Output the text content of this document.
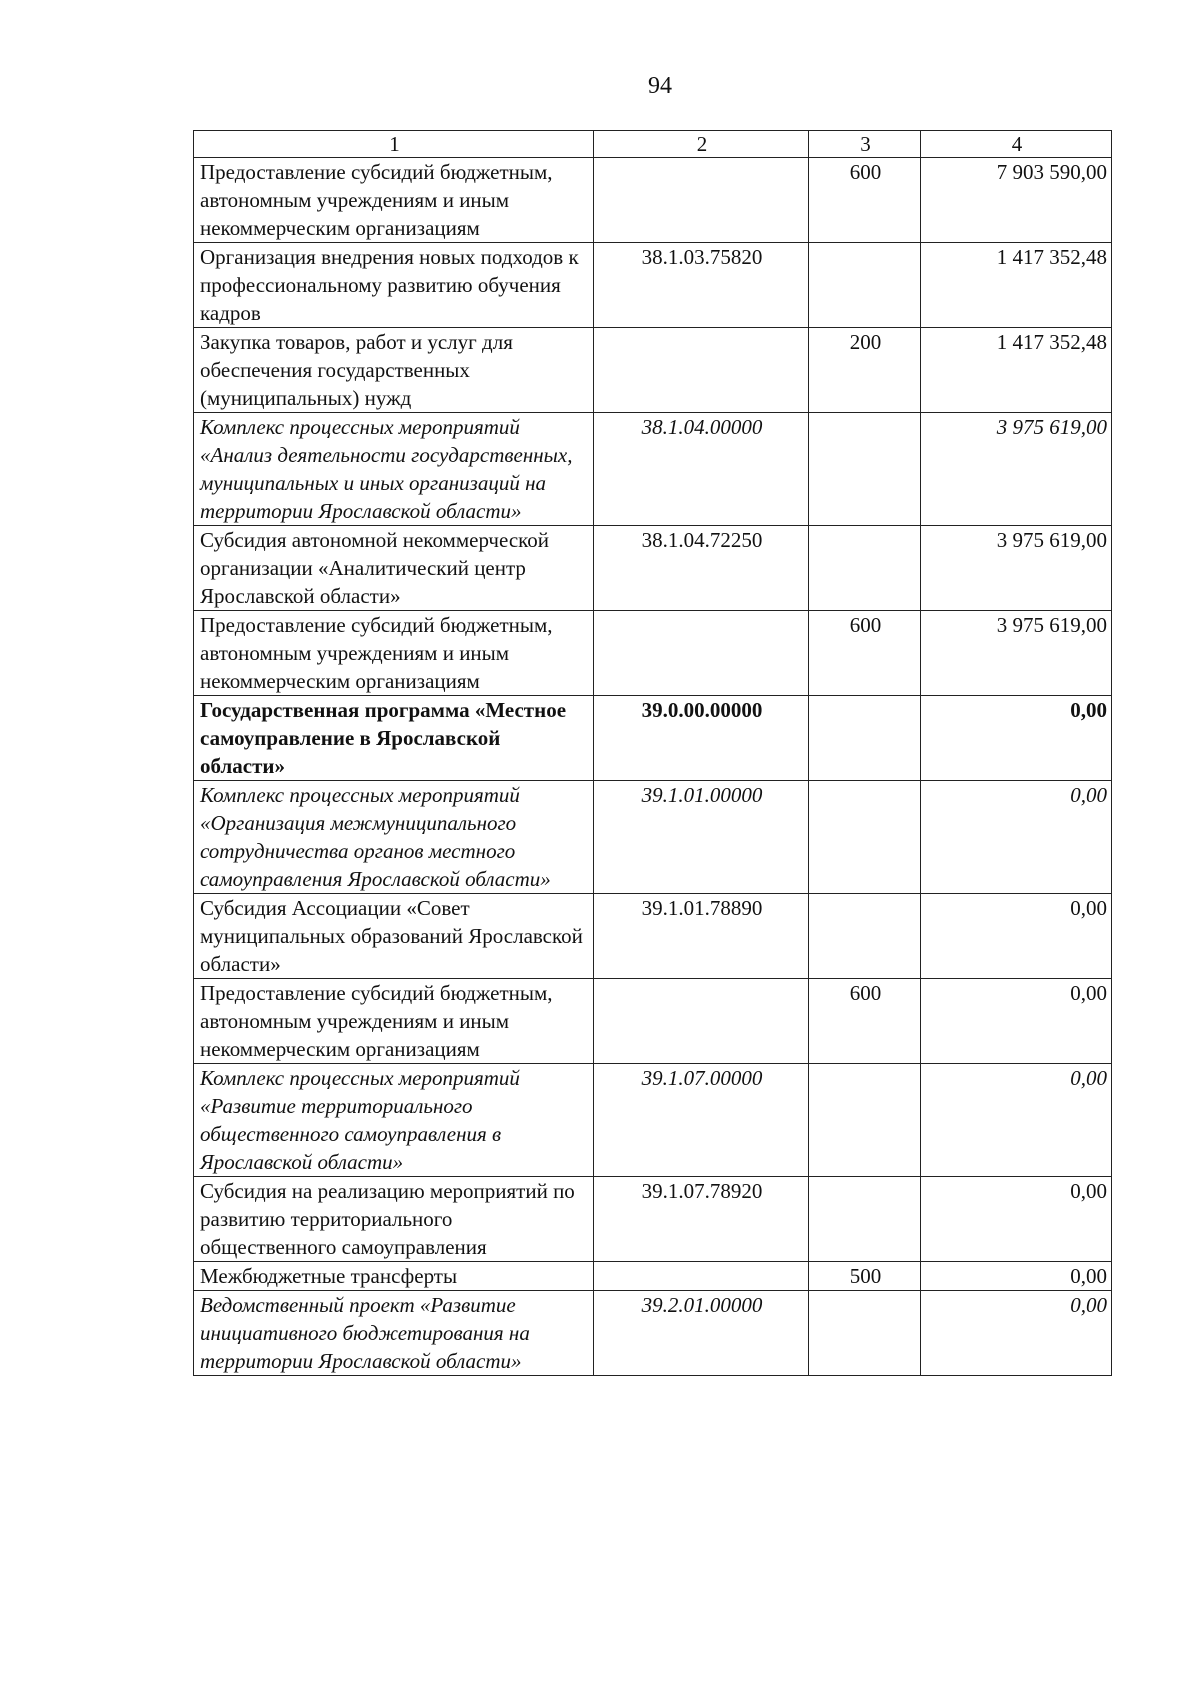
94
1	2	3	4
Предоставление субсидий бюджетным, автономным учреждениям и иным некоммерческим организациям		600	7 903 590,00
Организация внедрения новых подходов к профессиональному развитию обучения кадров	38.1.03.75820		1 417 352,48
Закупка товаров, работ и услуг для обеспечения государственных (муниципальных) нужд		200	1 417 352,48
Комплекс процессных мероприятий «Анализ деятельности государственных, муниципальных и иных организаций на территории Ярославской области»	38.1.04.00000		3 975 619,00
Субсидия автономной некоммерческой организации «Аналитический центр Ярославской области»	38.1.04.72250		3 975 619,00
Предоставление субсидий бюджетным, автономным учреждениям и иным некоммерческим организациям		600	3 975 619,00
Государственная программа «Местное самоуправление в Ярославской области»	39.0.00.00000		0,00
Комплекс процессных мероприятий «Организация межмуниципального сотрудничества органов местного самоуправления Ярославской области»	39.1.01.00000		0,00
Субсидия Ассоциации «Совет муниципальных образований Ярославской области»	39.1.01.78890		0,00
Предоставление субсидий бюджетным, автономным учреждениям и иным некоммерческим организациям		600	0,00
Комплекс процессных мероприятий «Развитие территориального общественного самоуправления в Ярославской области»	39.1.07.00000		0,00
Субсидия на реализацию мероприятий по развитию территориального общественного самоуправления	39.1.07.78920		0,00
Межбюджетные трансферты		500	0,00
Ведомственный проект «Развитие инициативного бюджетирования на территории Ярославской области»	39.2.01.00000		0,00
